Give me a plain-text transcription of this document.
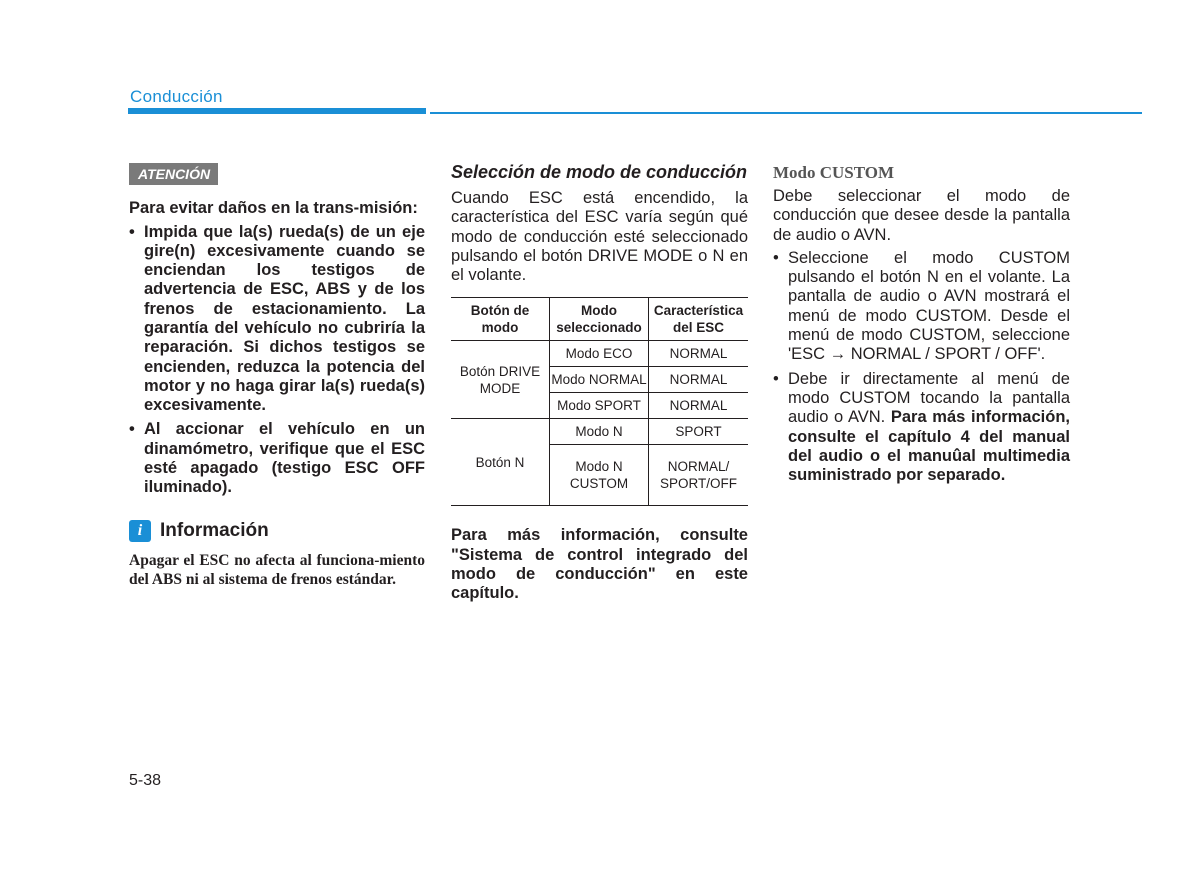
Conducción
ATENCIÓN

Para evitar daños en la trans-misión:

• Impida que la(s) rueda(s) de un eje gire(n) excesivamente cuando se enciendan los testigos de advertencia de ESC, ABS y de los frenos de estacionamiento. La garantía del vehículo no cubriría la reparación. Si dichos testigos se encienden, reduzca la potencia del motor y no haga girar la(s) rueda(s) excesivamente.
• Al accionar el vehículo en un dinamómetro, verifique que el ESC esté apagado (testigo ESC OFF iluminado).
i Información

Apagar el ESC no afecta al funciona-miento del ABS ni al sistema de frenos estándar.

Selección de modo de conducción

Cuando ESC está encendido, la característica del ESC varía según qué modo de conducción esté seleccionado pulsando el botón DRIVE MODE o N en el volante.

Botón de modo	Modo seleccionado	Característica del ESC
Botón DRIVE MODE	Modo ECO	NORMAL
	Modo NORMAL	NORMAL
	Modo SPORT	NORMAL
Botón N	Modo N	SPORT
	Modo N CUSTOM	NORMAL/ SPORT/OFF

Para más información, consulte "Sistema de control integrado del modo de conducción" en este capítulo.

Modo CUSTOM

Debe seleccionar el modo de conducción que desee desde la pantalla de audio o AVN.

• Seleccione el modo CUSTOM pulsando el botón N en el volante. La pantalla de audio o AVN mostrará el menú de modo CUSTOM. Desde el menú de modo CUSTOM, seleccione 'ESC → NORMAL / SPORT / OFF'.
• Debe ir directamente al menú de modo CUSTOM tocando la pantalla audio o AVN. Para más información, consulte el capítulo 4 del manual del audio o el manuûal multimedia suministrado por separado.
5-38
